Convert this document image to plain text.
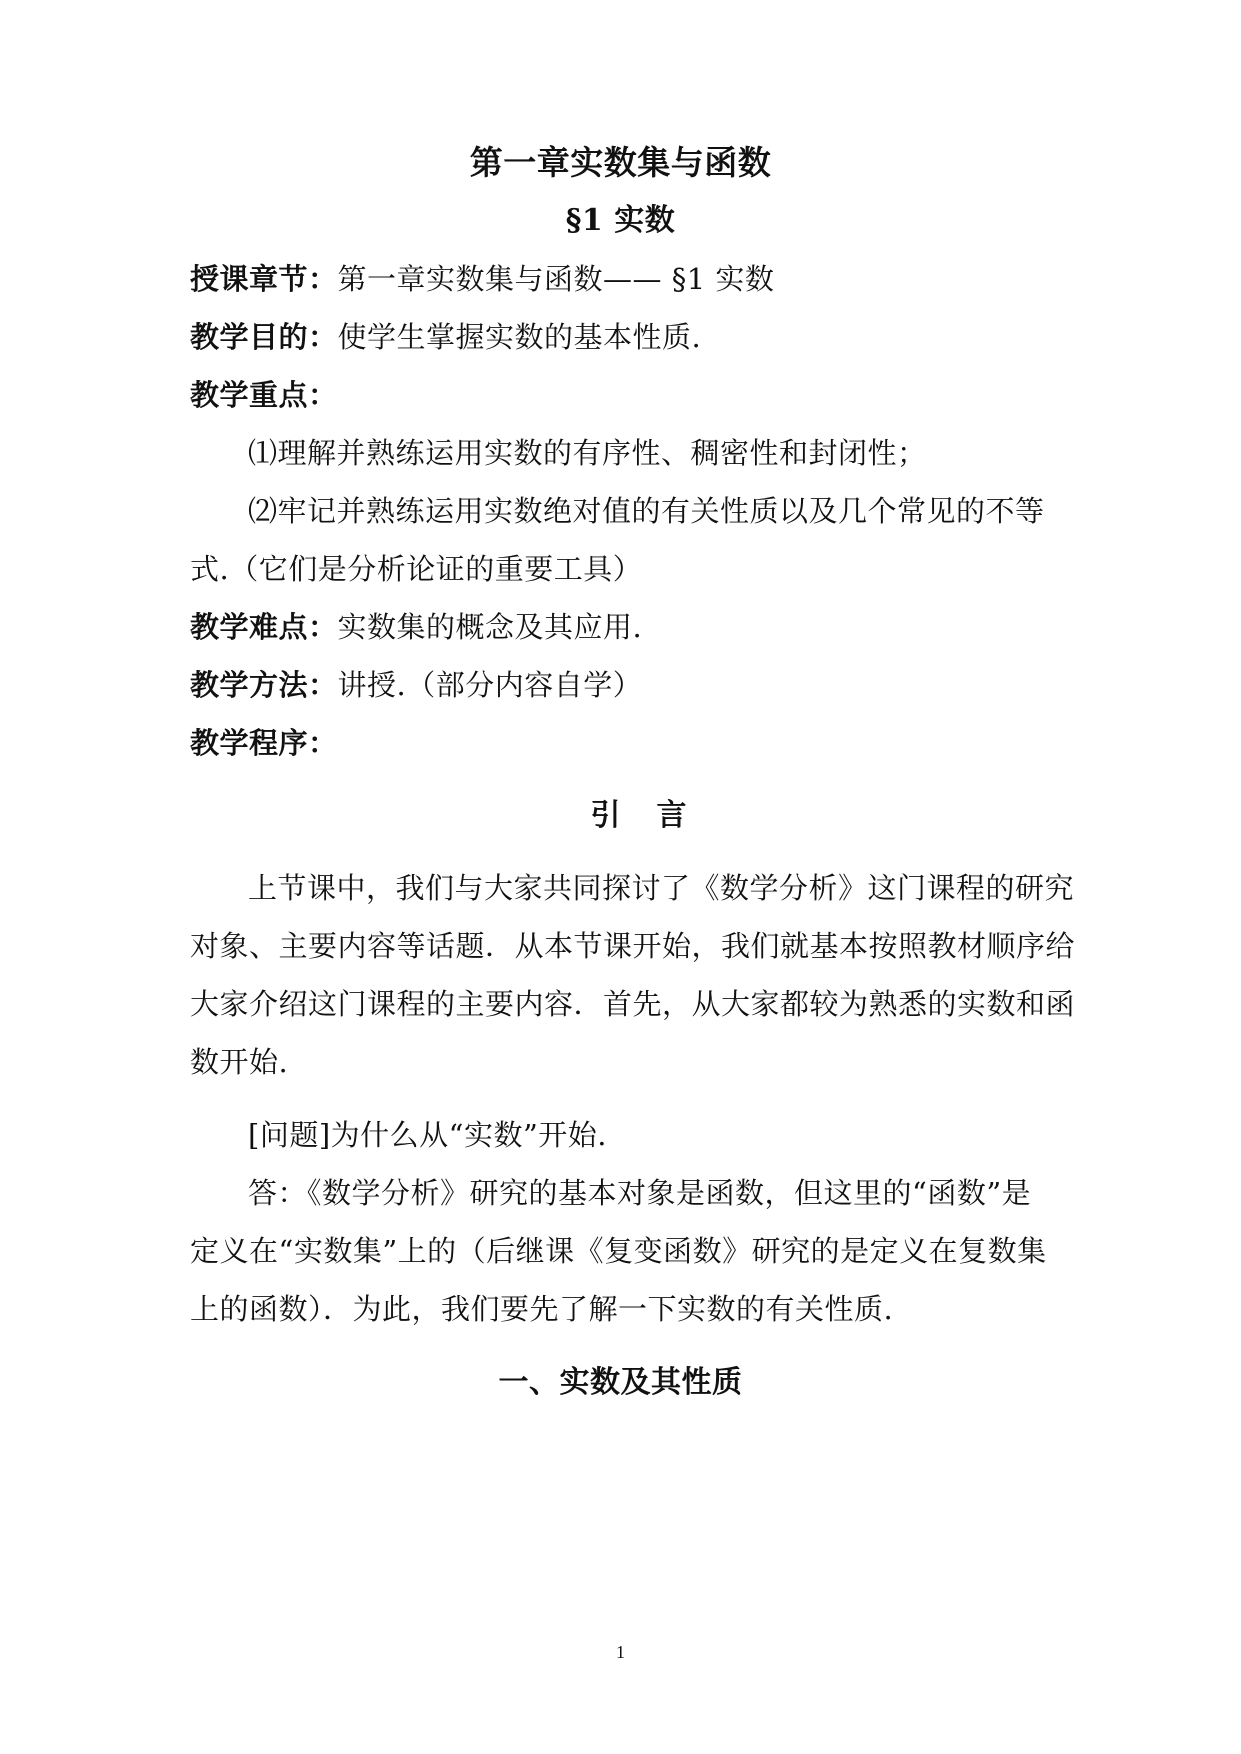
第一章实数集与函数
§1 实数
授课章节：第一章实数集与函数—— §1 实数
教学目的：使学生掌握实数的基本性质.
教学重点：
⑴理解并熟练运用实数的有序性、稠密性和封闭性；
⑵牢记并熟练运用实数绝对值的有关性质以及几个常见的不等
式.（它们是分析论证的重要工具）
教学难点：实数集的概念及其应用.
教学方法：讲授.（部分内容自学）
教学程序：
引言
上节课中，我们与大家共同探讨了《数学分析》这门课程的研究
对象、主要内容等话题．从本节课开始，我们就基本按照教材顺序给
大家介绍这门课程的主要内容．首先，从大家都较为熟悉的实数和函
数开始.
[问题]为什么从“实数”开始.
答：《数学分析》研究的基本对象是函数，但这里的“函数”是
定义在“实数集”上的（后继课《复变函数》研究的是定义在复数集
上的函数）．为此，我们要先了解一下实数的有关性质.
一、实数及其性质
1
